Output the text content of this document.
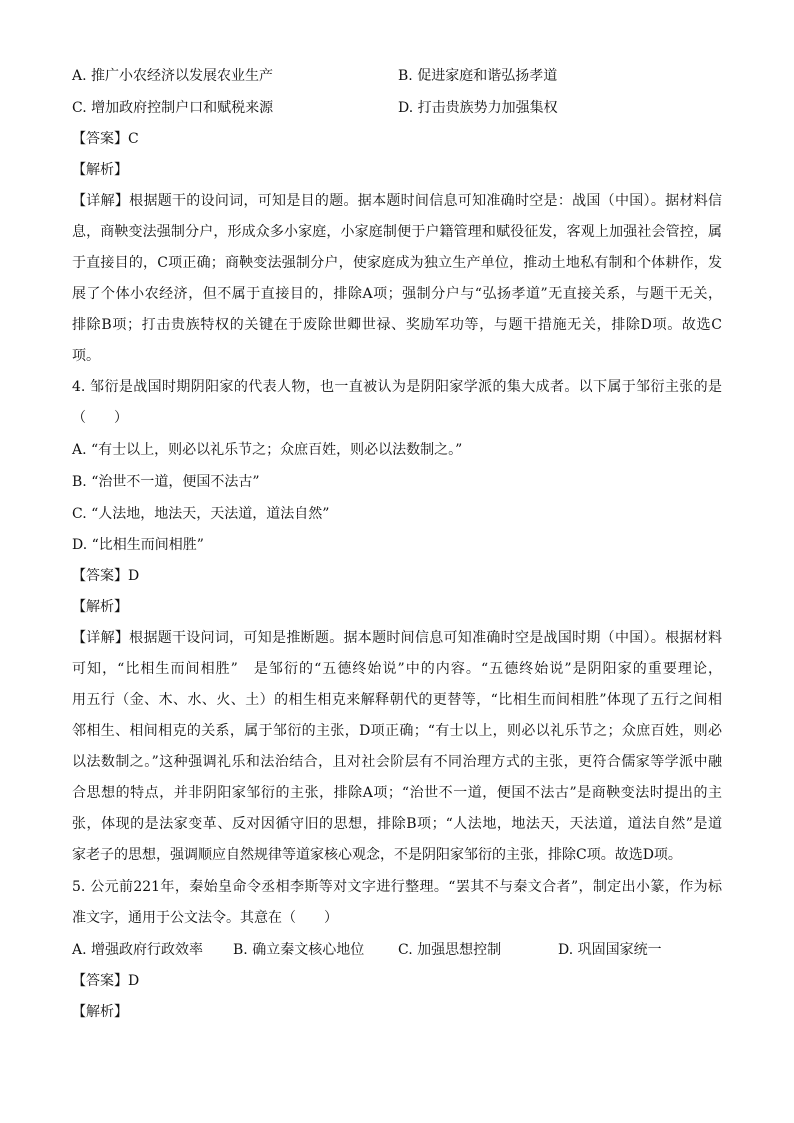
A. 推广小农经济以发展农业生产	B. 促进家庭和谐弘扬孝道
C. 增加政府控制户口和赋税来源	D. 打击贵族势力加强集权
【答案】C
【解析】
【详解】根据题干的设问词，可知是目的题。据本题时间信息可知准确时空是：战国（中国）。据材料信
息，商鞅变法强制分户，形成众多小家庭，小家庭制便于户籍管理和赋役征发，客观上加强社会管控，属
于直接目的，C项正确；商鞅变法强制分户，使家庭成为独立生产单位，推动土地私有制和个体耕作，发
展了个体小农经济，但不属于直接目的，排除A项；强制分户与“弘扬孝道”无直接关系，与题干无关，
排除B项；打击贵族特权的关键在于废除世卿世禄、奖励军功等，与题干措施无关，排除D项。故选C
项。
4. 邹衍是战国时期阴阳家的代表人物，也一直被认为是阴阳家学派的集大成者。以下属于邹衍主张的是
（　　）
A. “有士以上，则必以礼乐节之；众庶百姓，则必以法数制之。”
B. “治世不一道，便国不法古”
C. “人法地，地法天，天法道，道法自然”
D. “比相生而间相胜”
【答案】D
【解析】
【详解】根据题干设问词，可知是推断题。据本题时间信息可知准确时空是战国时期（中国）。根据材料
可知，“比相生而间相胜”　是邹衍的“五德终始说”中的内容。“五德终始说”是阴阳家的重要理论，
用五行（金、木、水、火、土）的相生相克来解释朝代的更替等，“比相生而间相胜”体现了五行之间相
邻相生、相间相克的关系，属于邹衍的主张，D项正确；“有士以上，则必以礼乐节之；众庶百姓，则必
以法数制之。”这种强调礼乐和法治结合，且对社会阶层有不同治理方式的主张，更符合儒家等学派中融
合思想的特点，并非阴阳家邹衍的主张，排除A项；“治世不一道，便国不法古”是商鞅变法时提出的主
张，体现的是法家变革、反对因循守旧的思想，排除B项；“人法地，地法天，天法道，道法自然”是道
家老子的思想，强调顺应自然规律等道家核心观念，不是阴阳家邹衍的主张，排除C项。故选D项。
5. 公元前221年，秦始皇命令丞相李斯等对文字进行整理。“罢其不与秦文合者”，制定出小篆，作为标
准文字，通用于公文法令。其意在（　　）
A. 增强政府行政效率 B. 确立秦文核心地位 C. 加强思想控制	D. 巩固国家统一
【答案】D
【解析】
